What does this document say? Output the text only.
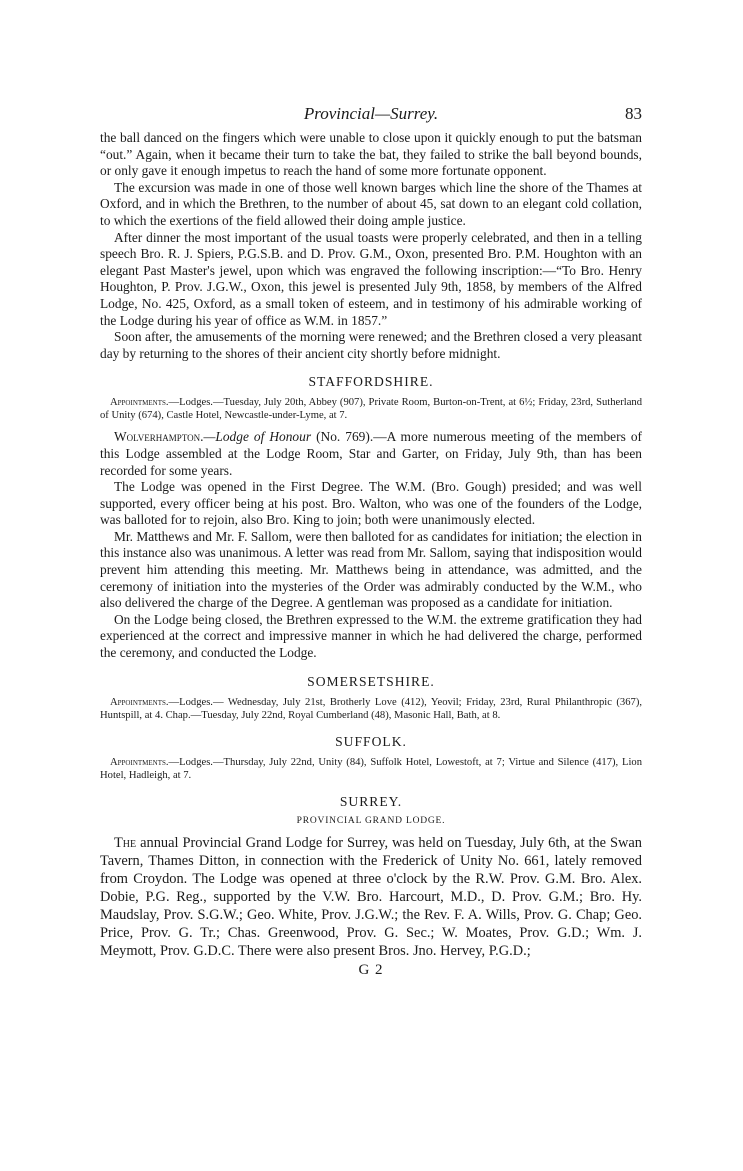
Provincial—Surrey.	83

the ball danced on the fingers which were unable to close upon it quickly enough to put the batsman “out.” Again, when it became their turn to take the bat, they failed to strike the ball beyond bounds, or only gave it enough impetus to reach the hand of some more fortunate opponent.

The excursion was made in one of those well known barges which line the shore of the Thames at Oxford, and in which the Brethren, to the number of about 45, sat down to an elegant cold collation, to which the exertions of the field allowed their doing ample justice.

After dinner the most important of the usual toasts were properly celebrated, and then in a telling speech Bro. R. J. Spiers, P.G.S.B. and D. Prov. G.M., Oxon, presented Bro. P.M. Houghton with an elegant Past Master's jewel, upon which was engraved the following inscription:—“To Bro. Henry Houghton, P. Prov. J.G.W., Oxon, this jewel is presented July 9th, 1858, by members of the Alfred Lodge, No. 425, Oxford, as a small token of esteem, and in testimony of his admirable working of the Lodge during his year of office as W.M. in 1857.”

Soon after, the amusements of the morning were renewed; and the Brethren closed a very pleasant day by returning to the shores of their ancient city shortly before midnight.

STAFFORDSHIRE.

Appointments.—Lodges.—Tuesday, July 20th, Abbey (907), Private Room, Burton-on-Trent, at 6½; Friday, 23rd, Sutherland of Unity (674), Castle Hotel, Newcastle-under-Lyme, at 7.

Wolverhampton.—Lodge of Honour (No. 769).—A more numerous meeting of the members of this Lodge assembled at the Lodge Room, Star and Garter, on Friday, July 9th, than has been recorded for some years.

The Lodge was opened in the First Degree. The W.M. (Bro. Gough) presided; and was well supported, every officer being at his post. Bro. Walton, who was one of the founders of the Lodge, was balloted for to rejoin, also Bro. King to join; both were unanimously elected.

Mr. Matthews and Mr. F. Sallom, were then balloted for as candidates for initiation; the election in this instance also was unanimous. A letter was read from Mr. Sallom, saying that indisposition would prevent him attending this meeting. Mr. Matthews being in attendance, was admitted, and the ceremony of initiation into the mysteries of the Order was admirably conducted by the W.M., who also delivered the charge of the Degree. A gentleman was proposed as a candidate for initiation.

On the Lodge being closed, the Brethren expressed to the W.M. the extreme gratification they had experienced at the correct and impressive manner in which he had delivered the charge, performed the ceremony, and conducted the Lodge.

SOMERSETSHIRE.

Appointments.—Lodges.— Wednesday, July 21st, Brotherly Love (412), Yeovil; Friday, 23rd, Rural Philanthropic (367), Huntspill, at 4. Chap.—Tuesday, July 22nd, Royal Cumberland (48), Masonic Hall, Bath, at 8.

SUFFOLK.

Appointments.—Lodges.—Thursday, July 22nd, Unity (84), Suffolk Hotel, Lowestoft, at 7; Virtue and Silence (417), Lion Hotel, Hadleigh, at 7.

SURREY.
PROVINCIAL GRAND LODGE.

The annual Provincial Grand Lodge for Surrey, was held on Tuesday, July 6th, at the Swan Tavern, Thames Ditton, in connection with the Frederick of Unity No. 661, lately removed from Croydon. The Lodge was opened at three o'clock by the R.W. Prov. G.M. Bro. Alex. Dobie, P.G. Reg., supported by the V.W. Bro. Harcourt, M.D., D. Prov. G.M.; Bro. Hy. Maudslay, Prov. S.G.W.; Geo. White, Prov. J.G.W.; the Rev. F. A. Wills, Prov. G. Chap; Geo. Price, Prov. G. Tr.; Chas. Greenwood, Prov. G. Sec.; W. Moates, Prov. G.D.; Wm. J. Meymott, Prov. G.D.C. There were also present Bros. Jno. Hervey, P.G.D.;

G 2
